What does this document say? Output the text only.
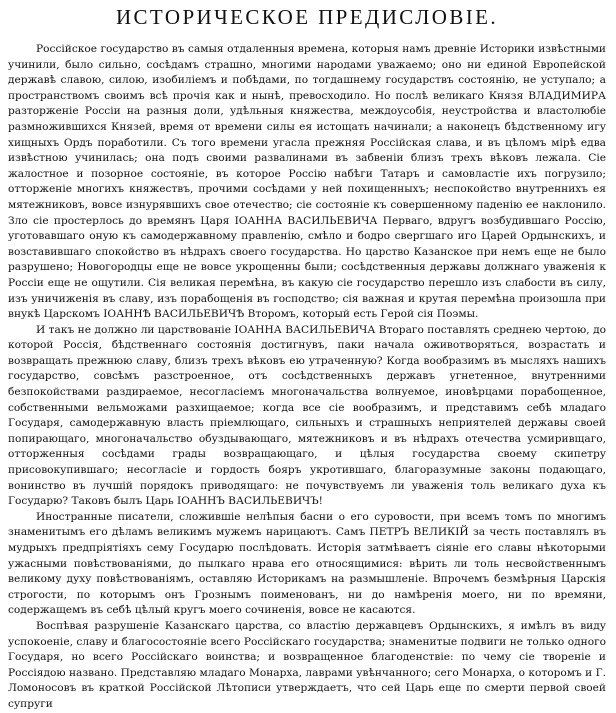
ИСТОРИЧЕСКОЕ ПРЕДИСЛОВІЕ.

Россійское государство въ самыя отдаленныя времена, которыя намъ древніе Историки извѣстными учинили, было сильно, сосѣдамъ страшно, многими народами уважаемо; оно ни единой Европейской державѣ славою, силою, изобиліемъ и побѣдами, по тогдашнему государствъ состоянію, не уступало; а пространствомъ своимъ всѣ прочія как и нынѣ, превосходило. Но послѣ великаго Князя ВЛАДИМИРА разторженіе Россіи на разныя доли, удѣльныя княжества, междоусобія, неустройства и властолюбіе размножившихся Князей, время от времени силы ея истощать начинали; а наконецъ бѣдственному игу хищныхъ Ордъ поработили. Съ того времени угасла прежняя Россійская слава, и въ цѣломъ мірѣ едва извѣстною учинилась; она подъ своими развалинами въ забвеніи близъ трехъ вѣковъ лежала. Сіе жалостное и позорное состояніе, въ которое Россію набѣги Татаръ и самовластіе ихъ погрузило; отторженіе многихъ княжествъ, прочими сосѣдами у ней похищенныхъ; неспокойство внутреннихъ ея мятежниковъ, вовсе изнурявшихъ свое отечество; сіе состояніе къ совершенному паденію ее наклонило. Зло сіе простерлось до времянъ Царя ІОАННА ВАСИЛЬЕВИЧА Перваго, вдругъ возбудившаго Россію, уготовавшаго оную къ самодержавному правленію, смѣло и бодро свергшаго иго Царей Ордынскихъ, и возставившаго спокойство въ нѣдрахъ своего государства. Но царство Казанское при немъ еще не было разрушено; Новогородцы еще не вовсе укрощенны были; сосѣдственныя державы должнаго уваженія к Россіи еще не ощутили. Сія великая перемѣна, въ какую сіе государство перешло изъ слабости въ силу, изъ уничиженія въ славу, изъ порабощенія въ господство; сія важная и крутая перемѣна произошла при внукѣ Царскомъ ІОАННѢ ВАСИЛЬЕВИЧѢ Второмъ, который есть Герой сія Поэмы.

И такъ не должно ли царствованіе ІОАННА ВАСИЛЬЕВИЧА Втораго поставлять среднею чертою, до которой Россія, бѣдственнаго состоянія достигнувъ, паки начала оживотворяться, возрастать и возвращать прежнюю славу, близъ трехъ вѣковъ ею утраченную? Когда вообразимъ въ мысляхъ нашихъ государство, совсѣмъ разстроенное, отъ сосѣдственныхъ державъ угнетенное, внутренними безпокойствами раздираемое, несогласіемъ многоначальства волнуемое, иновѣрцами порабощенное, собственными вельможами разхищаемое; когда все сіе вообразимъ, и представимъ себѣ младаго Государя, самодержавную власть пріемлющаго, сильныхъ и страшныхъ неприятелей державы своей попирающаго, многоначальство обуздывающаго, мятежниковъ и въ нѣдрахъ отечества усмиривщаго, отторженныя сосѣдами грады возвращающаго, и цѣлыя государства своему скипетру присовокупившаго; несогласіе и гордость бояръ укротившаго, благоразумные законы подающаго, вонинство въ лучшій порядокъ приводящаго: не почувствуемъ ли уваженія толь великаго духа къ Государю? Таковъ былъ Царь ІОАННЪ ВАСИЛЬЕВИЧЪ!

Иностранные писатели, сложившіе нелѣпыя басни о его суровости, при всемъ томъ по многимъ знаменитымъ его дѣламъ великимъ мужемъ нарицаютъ. Самъ ПЕТРЪ ВЕЛИКІЙ за честь поставлялъ въ мудрыхъ предпріятіяхъ сему Государю послѣдовать. Исторія затмѣваетъ сіяніе его славы нѣкоторыми ужасными повѣствованіями, до пылкаго нрава его относящимися: вѣрить ли толь несвойственнымъ великому духу повѣствованіямъ, оставляю Историкамъ на размышленіе. Впрочемъ безмѣрныя Царскія строгости, по которымъ онъ Грознымъ поименованъ, ни до намѣренія моего, ни по времяни, содержащемъ въ себѣ цѣлый кругъ моего сочиненія, вовсе не касаются.

Воспѣвая разрушеніе Казанскаго царства, со властію державцевъ Ордынскихъ, я имѣлъ въ виду успокоеніе, славу и благосостояніе всего Россійскаго государства; знаменитые подвиги не только одного Государя, но всего Россійскаго воинства; и возвращенное благоденствіе: по чему сіе твореніе и Россіядою названо. Представляю младаго Монарха, лаврами увѣнчанного; сего Монарха, о которомъ и Г. Ломоносовъ въ краткой Россійской Лѣтописи утверждаетъ, что сей Царь еще по смерти первой своей супруги
